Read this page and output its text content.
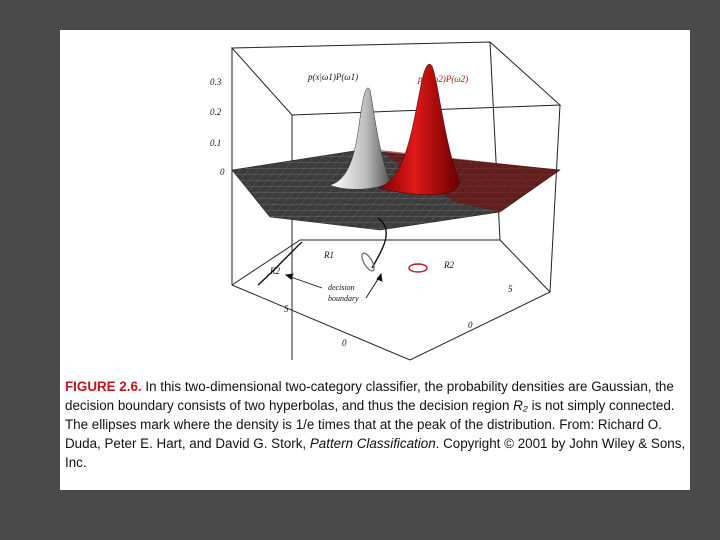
0.3
0.2
0.1
0
p(x|ω1)P(ω1)	p(x|ω2)P(ω2)
R1
R2
R2
decision
boundary
5
0
5
0

FIGURE 2.6. In this two-dimensional two-category classifier, the probability densities are Gaussian, the decision boundary consists of two hyperbolas, and thus the decision region R₂ is not simply connected. The ellipses mark where the density is 1/e times that at the peak of the distribution. From: Richard O. Duda, Peter E. Hart, and David G. Stork, Pattern Classification. Copyright © 2001 by John Wiley & Sons, Inc.
